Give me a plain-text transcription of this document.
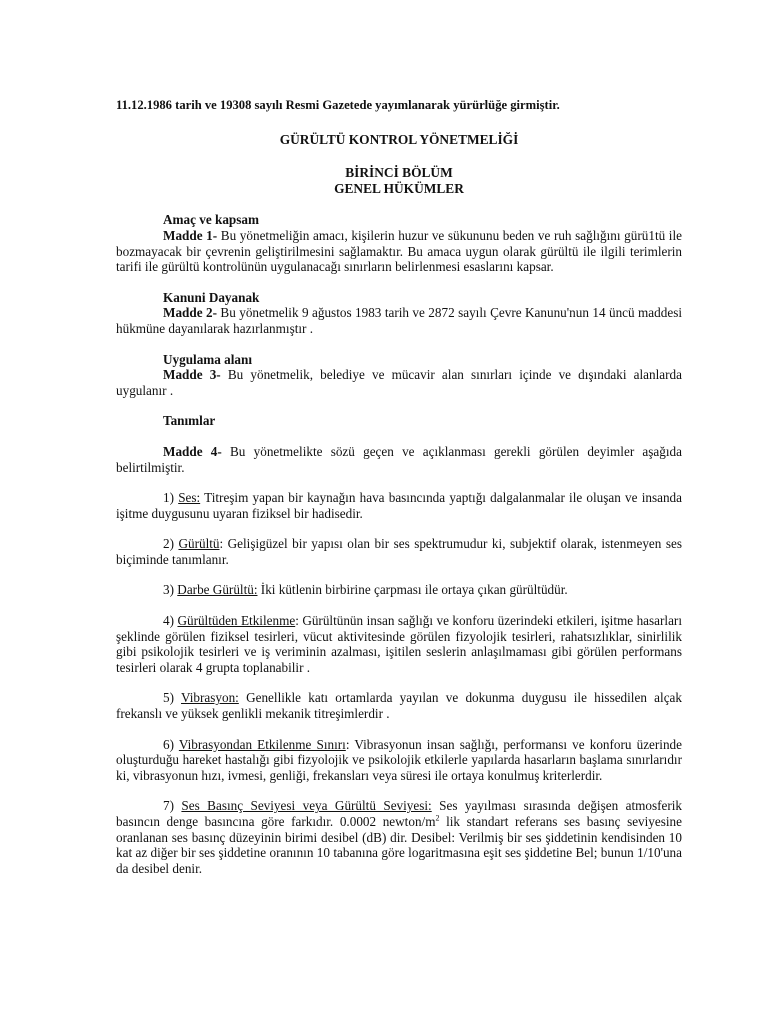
11.12.1986 tarih ve 19308 sayılı Resmi Gazetede yayımlanarak yürürlüğe girmiştir.
GÜRÜLTÜ KONTROL YÖNETMELİĞİ
BİRİNCİ BÖLÜM
GENEL HÜKÜMLER
Amaç ve kapsam

Madde 1- Bu yönetmeliğin amacı, kişilerin huzur ve sükununu beden ve ruh sağlığını gürü1tü ile bozmayacak bir çevrenin geliştirilmesini sağlamaktır. Bu amaca uygun olarak gürültü ile ilgili terimlerin tarifi ile gürültü kontrolünün uygulanacağı sınırların belirlenmesi esaslarını kapsar.

Kanuni Dayanak

Madde 2- Bu yönetmelik 9 ağustos 1983 tarih ve 2872 sayılı Çevre Kanunu'nun 14 üncü maddesi hükmüne dayanılarak hazırlanmıştır .

Uygulama alanı

Madde 3- Bu yönetmelik, belediye ve mücavir alan sınırları içinde ve dışındaki alanlarda uygulanır .

Tanımlar

Madde 4- Bu yönetmelikte sözü geçen ve açıklanması gerekli görülen deyimler aşağıda belirtilmiştir.

1) Ses: Titreşim yapan bir kaynağın hava basıncında yaptığı dalgalanmalar ile oluşan ve insanda işitme duygusunu uyaran fiziksel bir hadisedir.

2) Gürültü: Gelişigüzel bir yapısı olan bir ses spektrumudur ki, subjektif olarak, istenmeyen ses biçiminde tanımlanır.

3) Darbe Gürültü: İki kütlenin birbirine çarpması ile ortaya çıkan gürültüdür.

4) Gürültüden Etkilenme: Gürültünün insan sağlığı ve konforu üzerindeki etkileri, işitme hasarları şeklinde görülen fiziksel tesirleri, vücut aktivitesinde görülen fizyolojik tesirleri, rahatsızlıklar, sinirlilik gibi psikolojik tesirleri ve iş veriminin azalması, işitilen seslerin anlaşılmaması gibi görülen performans tesirleri olarak 4 grupta toplanabilir .

5) Vibrasyon: Genellikle katı ortamlarda yayılan ve dokunma duygusu ile hissedilen alçak frekanslı ve yüksek genlikli mekanik titreşimlerdir .

6) Vibrasyondan Etkilenme Sınırı: Vibrasyonun insan sağlığı, performansı ve konforu üzerinde oluşturduğu hareket hastalığı gibi fizyolojik ve psikolojik etkilerle yapılarda hasarların başlama sınırlarıdır ki, vibrasyonun hızı, ivmesi, genliği, frekansları veya süresi ile ortaya konulmuş kriterlerdir.

7) Ses Basınç Seviyesi veya Gürültü Seviyesi: Ses yayılması sırasında değişen atmosferik basıncın denge basıncına göre farkıdır. 0.0002 newton/$m^2$ lik standart referans ses basınç seviyesine oranlanan ses basınç düzeyinin birimi desibel (dB) dir. Desibel: Verilmiş bir ses şiddetinin kendisinden 10 kat az diğer bir ses şiddetine oranının 10 tabanına göre logaritmasına eşit ses şiddetine Bel; bunun 1/10'una da desibel denir.
